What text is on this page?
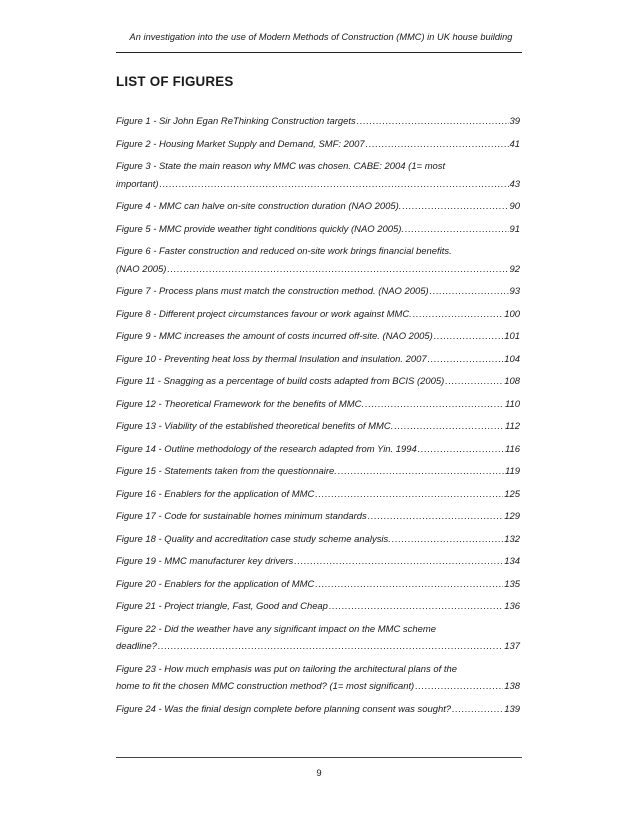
An investigation into the use of Modern Methods of Construction (MMC) in UK house building
LIST OF FIGURES
Figure 1 - Sir John Egan ReThinking Construction targets .....	39
Figure 2 - Housing Market Supply and Demand, SMF: 2007 .....	41
Figure 3 - State the main reason why MMC was chosen. CABE: 2004 (1= most
important) .....	43
Figure 4 - MMC can halve on-site construction duration (NAO 2005). .....	90
Figure 5 - MMC provide weather tight conditions quickly (NAO 2005). .....	91
Figure 6 - Faster construction and reduced on-site work brings financial benefits.
(NAO 2005) .....	92
Figure 7 - Process plans must match the construction method. (NAO 2005) .....	93
Figure 8 - Different project circumstances favour or work against MMC. .....	100
Figure 9 - MMC increases the amount of costs incurred off-site. (NAO 2005) .....	101
Figure 10 - Preventing heat loss by thermal Insulation and insulation. 2007 .....	104
Figure 11 - Snagging as a percentage of build costs adapted from BCIS (2005) .....	108
Figure 12 - Theoretical Framework for the benefits of MMC. .....	110
Figure 13 - Viability of the established theoretical benefits of MMC. .....	112
Figure 14 - Outline methodology of the research adapted from Yin. 1994 .....	116
Figure 15 - Statements taken from the questionnaire. .....	119
Figure 16 - Enablers for the application of MMC .....	125
Figure 17 - Code for sustainable homes minimum standards .....	129
Figure 18 - Quality and accreditation case study scheme analysis. .....	132
Figure 19 - MMC manufacturer key drivers .....	134
Figure 20 - Enablers for the application of MMC .....	135
Figure 21 - Project triangle, Fast, Good and Cheap .....	136
Figure 22 - Did the weather have any significant impact on the MMC scheme
deadline? .....	137
Figure 23 - How much emphasis was put on tailoring the architectural plans of the
home to fit the chosen MMC construction method? (1= most significant) .....	138
Figure 24 - Was the finial design complete before planning consent was sought? .....	139
9
